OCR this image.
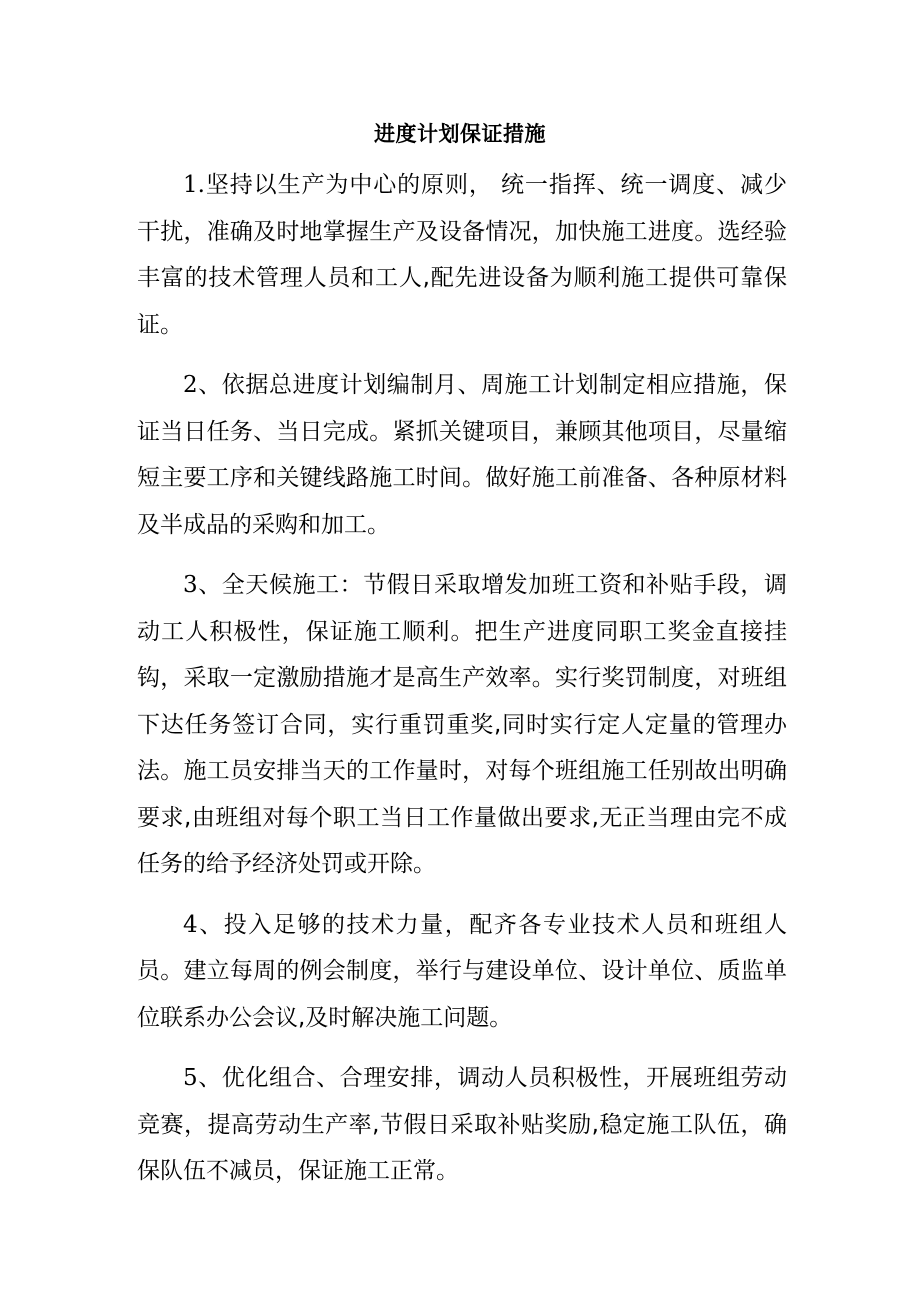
进度计划保证措施

1.坚持以生产为中心的原则， 统一指挥、统一调度、减少干扰，准确及时地掌握生产及设备情况，加快施工进度。选经验丰富的技术管理人员和工人,配先进设备为顺利施工提供可靠保证。

2、依据总进度计划编制月、周施工计划制定相应措施，保证当日任务、当日完成。紧抓关键项目，兼顾其他项目，尽量缩短主要工序和关键线路施工时间。做好施工前准备、各种原材料及半成品的采购和加工。

3、全天候施工：节假日采取增发加班工资和补贴手段，调动工人积极性，保证施工顺利。把生产进度同职工奖金直接挂钩，采取一定激励措施才是高生产效率。实行奖罚制度，对班组下达任务签订合同，实行重罚重奖,同时实行定人定量的管理办法。施工员安排当天的工作量时，对每个班组施工任别故出明确要求,由班组对每个职工当日工作量做出要求,无正当理由完不成任务的给予经济处罚或开除。

4、投入足够的技术力量，配齐各专业技术人员和班组人员。建立每周的例会制度，举行与建设单位、设计单位、质监单位联系办公会议,及时解决施工问题。

5、优化组合、合理安排，调动人员积极性，开展班组劳动竞赛，提高劳动生产率,节假日采取补贴奖励,稳定施工队伍，确保队伍不减员，保证施工正常。
